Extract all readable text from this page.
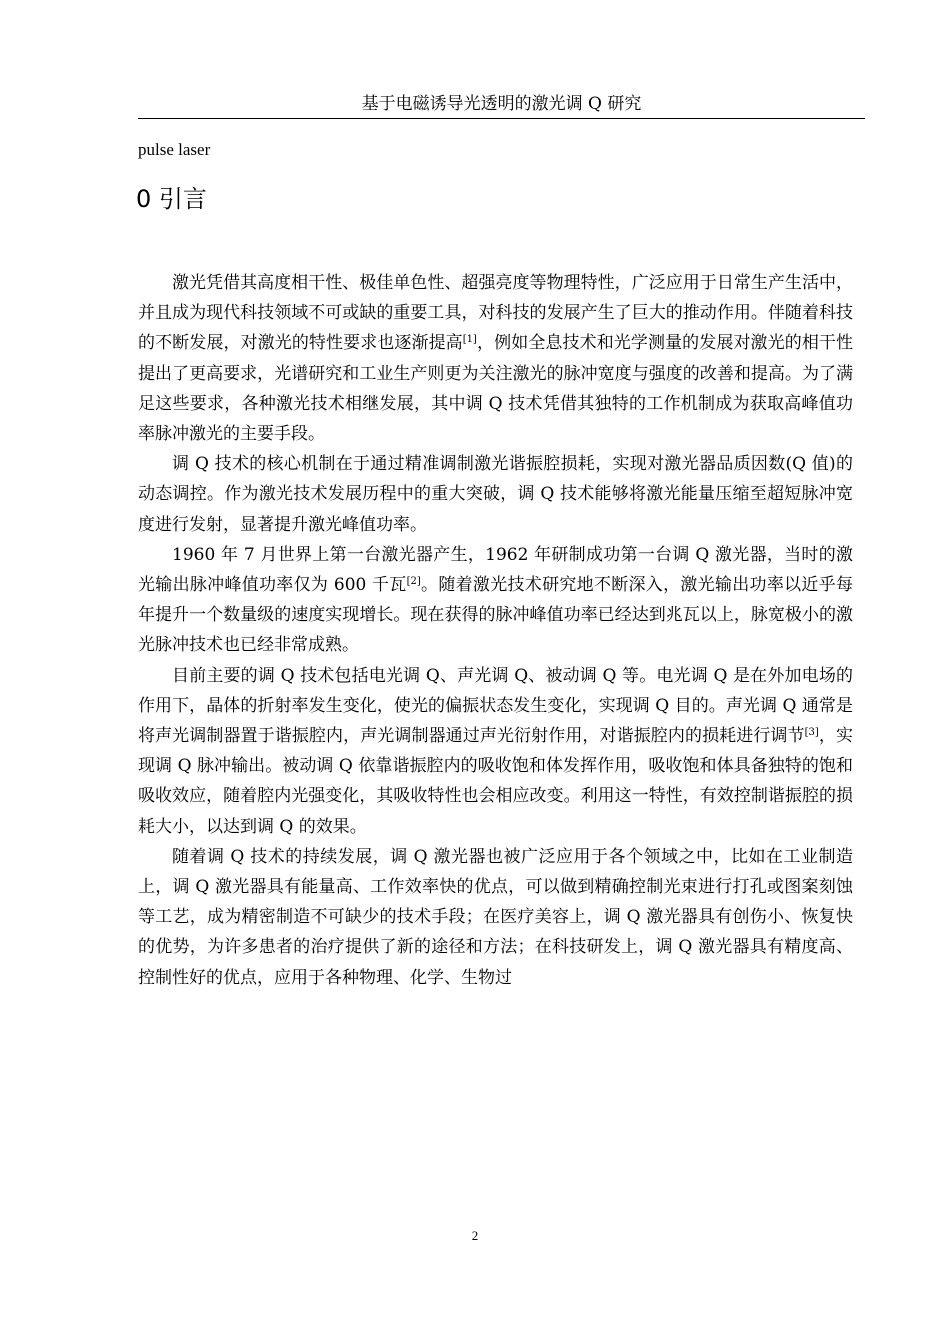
基于电磁诱导光透明的激光调 Q 研究
pulse laser
0 引言

激光凭借其高度相干性、极佳单色性、超强亮度等物理特性，广泛应用于日常生产生活中，并且成为现代科技领域不可或缺的重要工具，对科技的发展产生了巨大的推动作用。伴随着科技的不断发展，对激光的特性要求也逐渐提高[1]，例如全息技术和光学测量的发展对激光的相干性提出了更高要求，光谱研究和工业生产则更为关注激光的脉冲宽度与强度的改善和提高。为了满足这些要求，各种激光技术相继发展，其中调 Q 技术凭借其独特的工作机制成为获取高峰值功率脉冲激光的主要手段。

调 Q 技术的核心机制在于通过精准调制激光谐振腔损耗，实现对激光器品质因数(Q 值)的动态调控。作为激光技术发展历程中的重大突破，调 Q 技术能够将激光能量压缩至超短脉冲宽度进行发射，显著提升激光峰值功率。

1960 年 7 月世界上第一台激光器产生，1962 年研制成功第一台调 Q 激光器，当时的激光输出脉冲峰值功率仅为 600 千瓦[2]。随着激光技术研究地不断深入，激光输出功率以近乎每年提升一个数量级的速度实现增长。现在获得的脉冲峰值功率已经达到兆瓦以上，脉宽极小的激光脉冲技术也已经非常成熟。

目前主要的调 Q 技术包括电光调 Q、声光调 Q、被动调 Q 等。电光调 Q 是在外加电场的作用下，晶体的折射率发生变化，使光的偏振状态发生变化，实现调 Q 目的。声光调 Q 通常是将声光调制器置于谐振腔内，声光调制器通过声光衍射作用，对谐振腔内的损耗进行调节[3]，实现调 Q 脉冲输出。被动调 Q 依靠谐振腔内的吸收饱和体发挥作用，吸收饱和体具备独特的饱和吸收效应，随着腔内光强变化，其吸收特性也会相应改变。利用这一特性，有效控制谐振腔的损耗大小，以达到调 Q 的效果。

随着调 Q 技术的持续发展，调 Q 激光器也被广泛应用于各个领域之中，比如在工业制造上，调 Q 激光器具有能量高、工作效率快的优点，可以做到精确控制光束进行打孔或图案刻蚀等工艺，成为精密制造不可缺少的技术手段；在医疗美容上，调 Q 激光器具有创伤小、恢复快的优势，为许多患者的治疗提供了新的途径和方法；在科技研发上，调 Q 激光器具有精度高、控制性好的优点，应用于各种物理、化学、生物过

2
